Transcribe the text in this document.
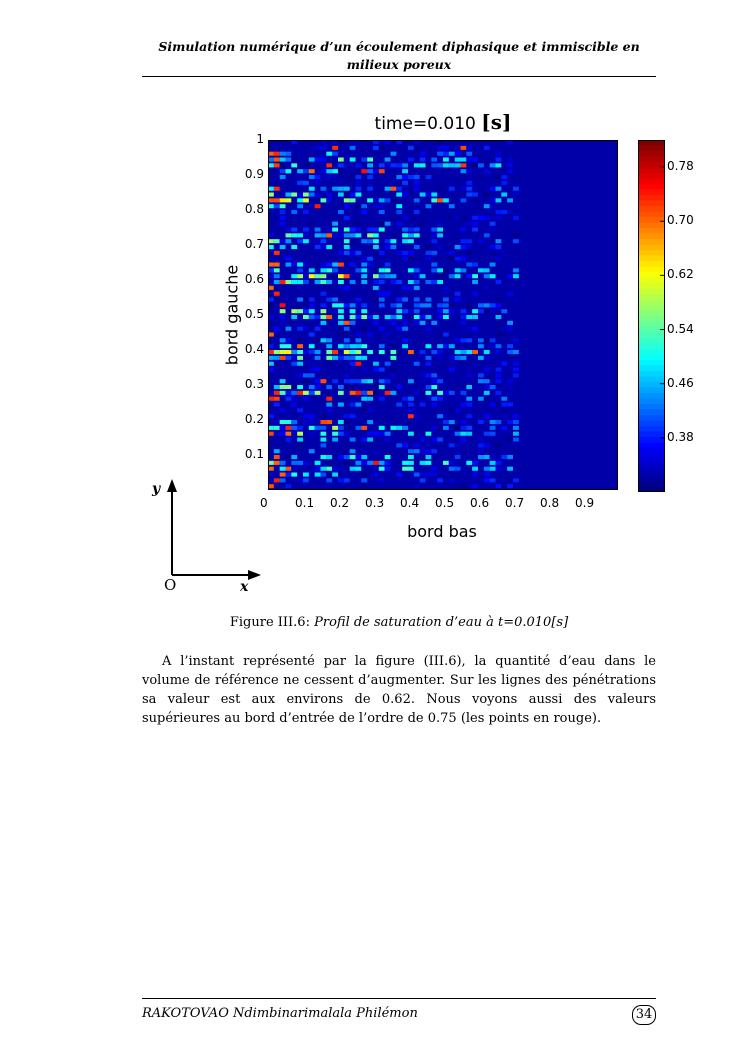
Simulation numérique d’un écoulement diphasique et immiscible en milieux poreux
time=0.010 [s]
0 0.1 0.2 0.3 0.4 0.5 0.6 0.7 0.8 0.9
0.1
0.2
0.3
0.4
0.5
0.6
0.7
0.8
0.9
1
bord gauche
bord bas
0.78
0.70
0.62
0.54
0.46
0.38
y
x
O
Figure III.6: Profil de saturation d’eau à t=0.010[s]

A l’instant représenté par la figure (III.6), la quantité d’eau dans le volume de référence ne cessent d’augmenter. Sur les lignes des pénétrations sa valeur est aux environs de 0.62. Nous voyons aussi des valeurs supérieures au bord d’entrée de l’ordre de 0.75 (les points en rouge).

RAKOTOVAO Ndimbinarimalala Philémon	34
